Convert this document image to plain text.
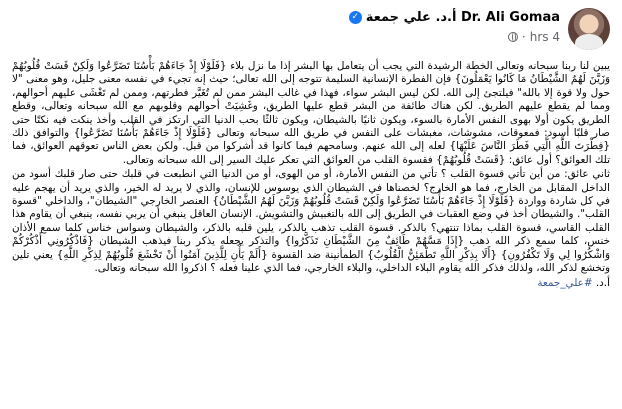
Dr. Ali Gomaa أ.د. علي جمعة
✓
4 hrs
·

يبين لنا ربنا سبحانه وتعالى الخطة الرشيدة التي يجب أن يتعامل بها البشر إذا ما نزل بلاء {فَلَوْلَا إِذْ جَاءَهُمْ بَأْسُنَا تَضَرَّعُوا وَلَكِنْ قَسَتْ قُلُوبُهُمْ وَزَيَّنَ لَهُمُ الشَّيْطَانُ مَا كَانُوا يَعْمَلُونَ} فإن الفطرة الإنسانية السليمة تتوجه إلى الله تعالى؛ حيث إنه تجيء في نفسه معنى جليل، وهو معنى "لا حول ولا قوة إلا بالله" فيلتجئ إلى الله. لكن ليس البشر سواء، فهذا في غالب البشر ممن لم تُغَيَّر فطرتهم، وممن لم تَغْشَى عليهم أحوالهم، ومما لم يقطع عليهم الطريق. لكن هناك طائفة من البشر قطع عليها الطريق، وغَشِيَتْ أحوالهم وقلوبهم مع الله سبحانه وتعالى، وقطع الطريق يكون أولا بهوى النفس الأمارة بالسوء، ويكون ثانيًا بالشيطان، ويكون ثالثًا بحب الدنيا التي ارتكز في القلب وأخذ ينكت فيه نكتًا حتى صار قلبًا أسود: فمعوقات، مشوشات، مغبشات على النفس في طريق الله سبحانه وتعالى {فَلَوْلَا إِذْ جَاءَهُمْ بَأْسُنَا تَضَرَّعُوا} والتوافق ذلك {فِطْرَتَ اللَّهِ الَّتِي فَطَرَ النَّاسَ عَلَيْهَا} لعله إلى الله عنهم. وسامحهم فيما كانوا قد أشركوا من قبل. ولكن بعض الناس تعوقهم العوائق، فما تلك العوائق؟ أول عائق: {قَسَتْ قُلُوبُهُمْ} فقسوة القلب من العوائق التي تعكر عليك السير إلى الله سبحانه وتعالى.

ثاني عائق: من أين تأتي قسوة القلب ؟ تأتي من النفس الأمارة، أو من الهوى، أو من الدنيا التي انطبعت في قلبك حتى صار قلبك أسود من الداخل المقابل من الخارج، فما هو الخارج؟ لخصناها في الشيطان الذي يوسوس للإنسان، والذي لا يريد له الخير، والذي يريد أن يهجم عليه في كل شاردة وواردة {فَلَوْلَا إِذْ جَاءَهُمْ بَأْسُنَا تَضَرَّعُوا وَلَكِنْ قَسَتْ قُلُوبُهُمْ وَزَيَّنَ لَهُمُ الشَّيْطَانُ} العنصر الخارجي "الشيطان"، والداخلي "قسوة القلب". والشيطان أخذ في وضع العقبات في الطريق إلى الله بالتغبيش والتشويش. الإنسان العاقل ينبغي أن يربي نفسه، ينبغي أن يقاوم هذا القلب القاسي، قسوة القلب بماذا تنتهي؟ بالذكر. قسوة القلب تذهب بالذكر، يلين قلبه بالذكر، والشيطان وسواس خناس كلما سمع الأذان خنس، كلما سمع ذكر الله ذهب {إِذَا مَسَّهُمْ طَائِفٌ مِنَ الشَّيْطَانِ تَذَكَّرُوا} والتذكر يجعله يذكر ربنا فيذهب الشيطان {فَاذْكُرُونِي أَذْكُرْكُمْ وَاشْكُرُوا لِي وَلَا تَكْفُرُونِ} {أَلَا بِذِكْرِ اللَّهِ تَطْمَئِنُّ الْقُلُوبُ} الطمأنينة ضد القسوة {أَلَمْ يَأْنِ لِلَّذِينَ آمَنُوا أَنْ تَخْشَعَ قُلُوبُهُمْ لِذِكْرِ اللَّهِ} يعني تلين وتخشع لذكر الله، ولذلك فذكر الله يقاوم البلاء الداخلي، والبلاء الخارجي، فما الذي علينا فعله ؟ اذكروا الله سبحانه وتعالى.

أ.د. #علي_جمعة
